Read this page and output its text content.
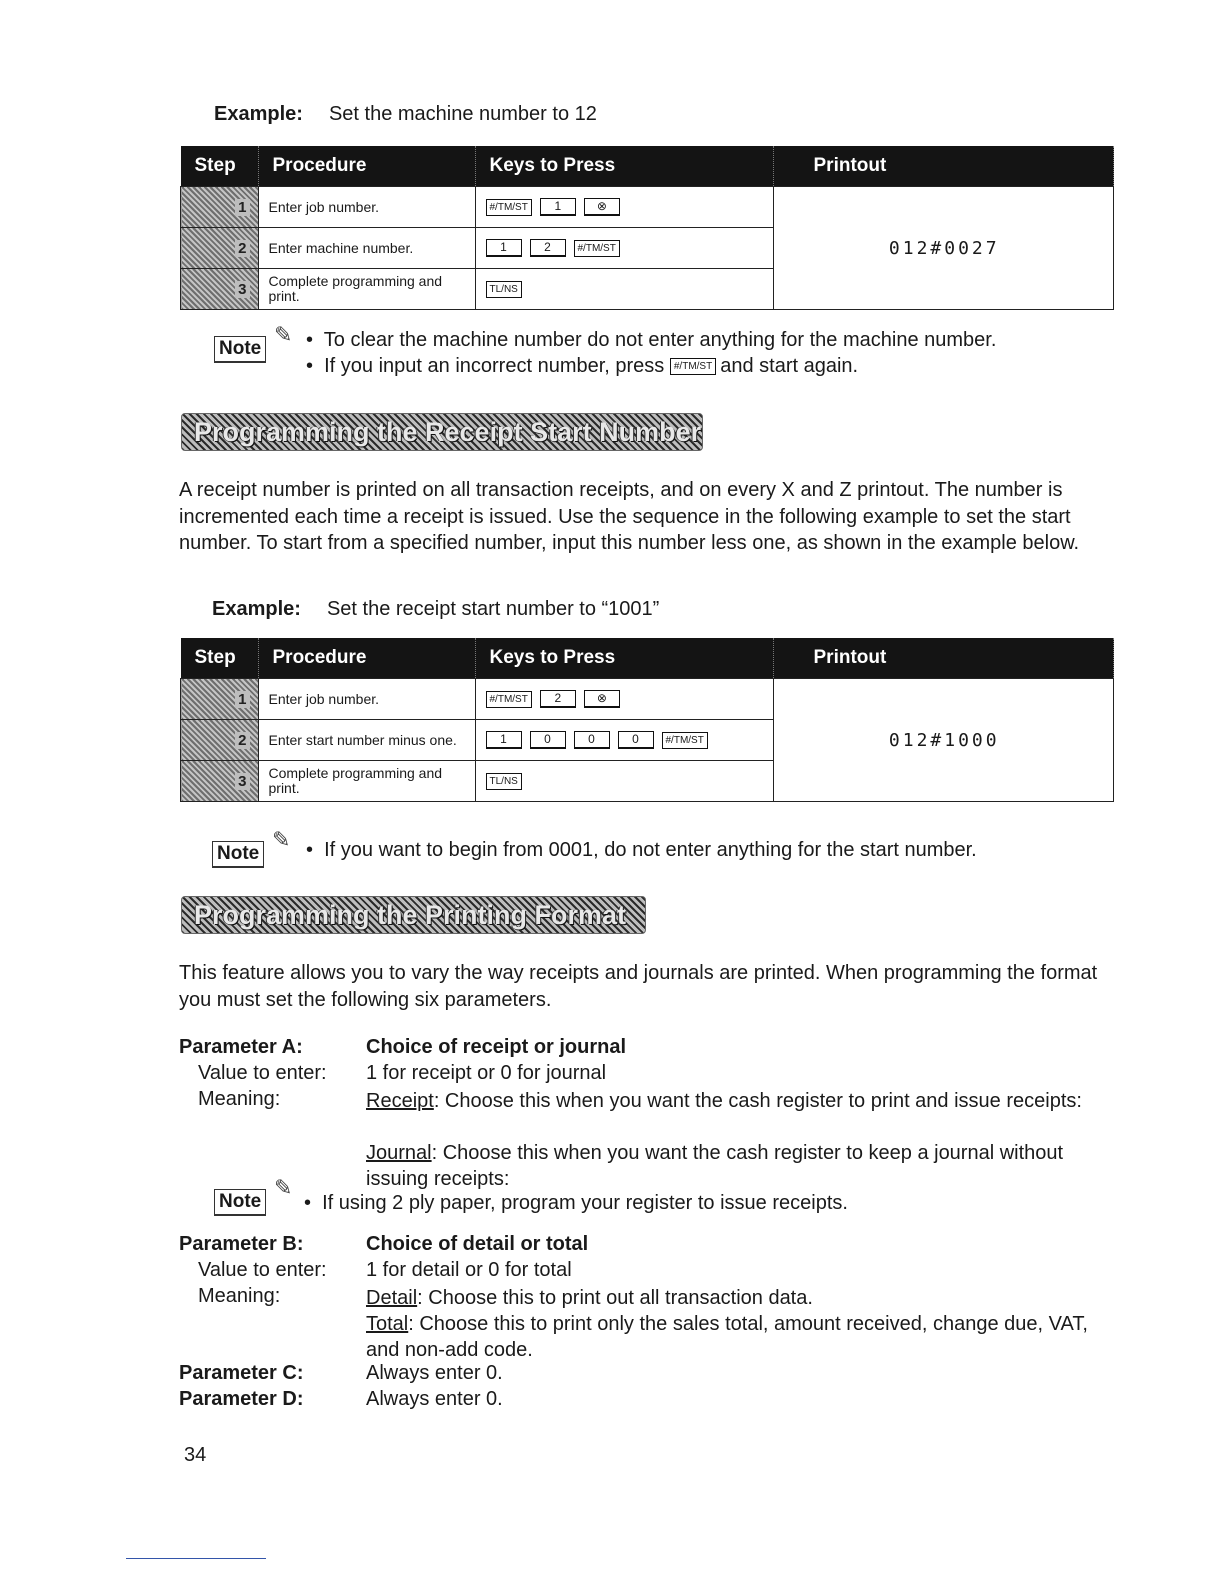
Example: Set the machine number to 12
Step	Procedure	Keys to Press	Printout
1	Enter job number.	#/TM/ST 1 ⊗	012#0027
2	Enter machine number.	1 2 #/TM/ST	
3	Complete programming and print.	TL/NS	
Note
✎ •  To clear the machine number do not enter anything for the machine number.
•  If you input an incorrect number, press #/TM/ST and start again.
Programming the Receipt Start Number
A receipt number is printed on all transaction receipts, and on every X and Z printout. The number is incremented each time a receipt is issued. Use the sequence in the following example to set the start number. To start from a specified number, input this number less one, as shown in the example below.
Example: Set the receipt start number to “1001”
Step	Procedure	Keys to Press	Printout
1	Enter job number.	#/TM/ST 2 ⊗	012#1000
2	Enter start number minus one.	1 0 0 0 #/TM/ST	
3	Complete programming and print.	TL/NS	
Note
✎ •  If you want to begin from 0001, do not enter anything for the start number.
Programming the Printing Format
This feature allows you to vary the way receipts and journals are printed. When programming the format you must set the following six parameters.
Parameter A:	Choice of receipt or journal
Value to enter: 1 for receipt or 0 for journal
Meaning:	Receipt: Choose this when you want the cash register to print and issue receipts:
Journal: Choose this when you want the cash register to keep a journal without issuing receipts:
Note
✎
•  If using 2 ply paper, program your register to issue receipts.
Parameter B:	Choice of detail or total
Value to enter: 1 for detail or 0 for total
Meaning:	Detail: Choose this to print out all transaction data.
Total: Choose this to print only the sales total, amount received, change due, VAT, and non-add code.
Parameter C:	Always enter 0.
Parameter D:	Always enter 0.
34
